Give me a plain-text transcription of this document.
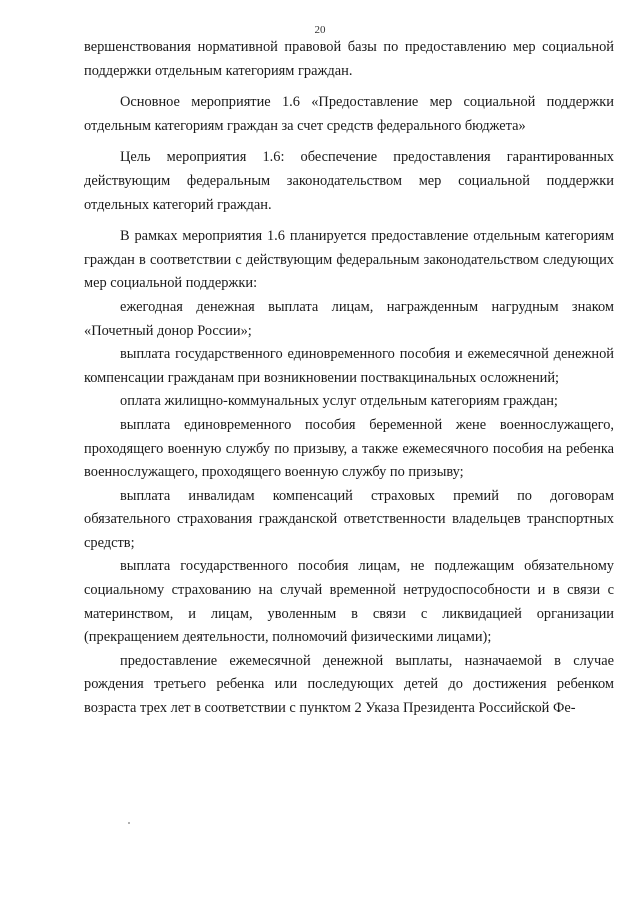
20

вершенствования нормативной правовой базы по предоставлению мер социальной поддержки отдельным категориям граждан.

Основное мероприятие 1.6 «Предоставление мер социальной поддержки отдельным категориям граждан за счет средств федерального бюджета»

Цель мероприятия 1.6: обеспечение предоставления гарантированных действующим федеральным законодательством мер социальной поддержки отдельных категорий граждан.

В рамках мероприятия 1.6 планируется предоставление отдельным категориям граждан в соответствии с действующим федеральным законодательством следующих мер социальной поддержки:

ежегодная денежная выплата лицам, награжденным нагрудным знаком «Почетный донор России»;

выплата государственного единовременного пособия и ежемесячной денежной компенсации гражданам при возникновении поствакцинальных осложнений;

оплата жилищно-коммунальных услуг отдельным категориям граждан;

выплата единовременного пособия беременной жене военнослужащего, проходящего военную службу по призыву, а также ежемесячного пособия на ребенка военнослужащего, проходящего военную службу по призыву;

выплата инвалидам компенсаций страховых премий по договорам обязательного страхования гражданской ответственности владельцев транспортных средств;

выплата государственного пособия лицам, не подлежащим обязательному социальному страхованию на случай временной нетрудоспособности и в связи с материнством, и лицам, уволенным в связи с ликвидацией организации (прекращением деятельности, полномочий физическими лицами);

предоставление ежемесячной денежной выплаты, назначаемой в случае рождения третьего ребенка или последующих детей до достижения ребенком возраста трех лет в соответствии с пунктом 2 Указа Президента Российской Фе-
